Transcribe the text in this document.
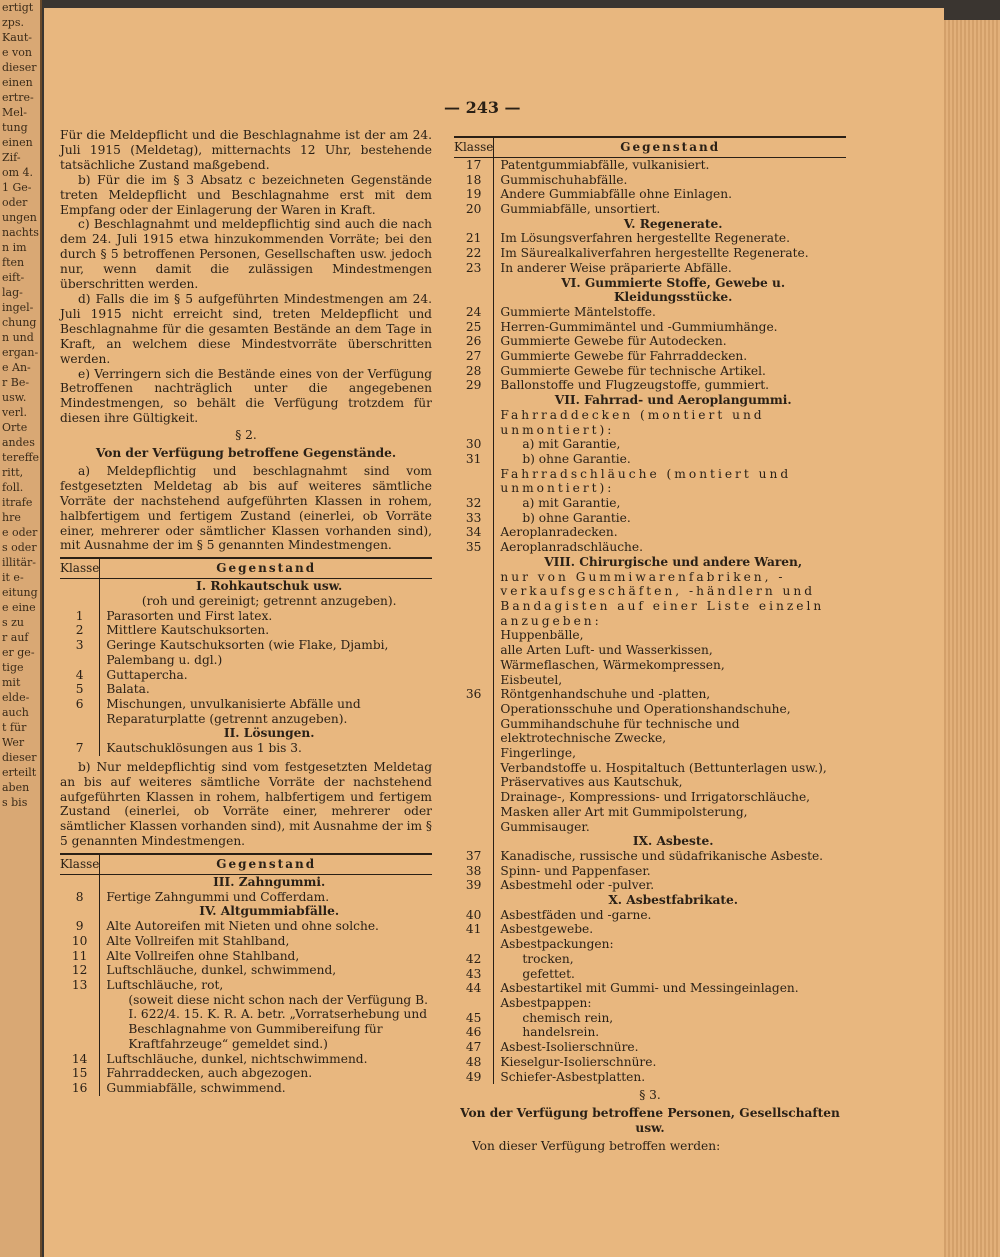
ertigt
zps.
Kaut-
e von
dieser
einen
ertre-
Mel-
tung
einen
Zif-
om 4.
1 Ge-
oder
ungen
nachts
n im
ften
eift-
lag-
ingel-
chung
n und
ergan-
e An-
r Be-
usw.
verl.
Orte
andes
tereffe
ritt,
foll.
itrafe
hre
e oder
s oder
illitär-
it e-
eitung
e eine
s zu
r auf
er ge-
tige
mit
elde-
auch
t für
Wer
dieser
erteilt
aben
s bis
— 243 —

Für die Meldepflicht und die Beschlagnahme ist der am 24. Juli 1915 (Meldetag), mitternachts 12 Uhr, bestehende tatsächliche Zustand maßgebend.

b) Für die im § 3 Absatz c bezeichneten Gegenstände treten Meldepflicht und Beschlagnahme erst mit dem Empfang oder der Einlagerung der Waren in Kraft.

c) Beschlagnahmt und meldepflichtig sind auch die nach dem 24. Juli 1915 etwa hinzukommenden Vorräte; bei den durch § 5 betroffenen Personen, Gesellschaften usw. jedoch nur, wenn damit die zulässigen Mindestmengen überschritten werden.

d) Falls die im § 5 aufgeführten Mindestmengen am 24. Juli 1915 nicht erreicht sind, treten Meldepflicht und Beschlagnahme für die gesamten Bestände an dem Tage in Kraft, an welchem diese Mindestvorräte überschritten werden.

e) Verringern sich die Bestände eines von der Verfügung Betroffenen nachträglich unter die angegebenen Mindestmengen, so behält die Verfügung trotzdem für diesen ihre Gültigkeit.

§ 2.

Von der Verfügung betroffene Gegenstände.

a) Meldepflichtig und beschlagnahmt sind vom festgesetzten Meldetag ab bis auf weiteres sämtliche Vorräte der nachstehend aufgeführten Klassen in rohem, halbfertigem und fertigem Zustand (einerlei, ob Vorräte einer, mehrerer oder sämtlicher Klassen vorhanden sind), mit Ausnahme der im § 5 genannten Mindestmengen.

Klasse	Gegenstand
	I. Rohkautschuk usw.
	(roh und gereinigt; getrennt anzugeben).
1	Parasorten und First latex.
2	Mittlere Kautschuksorten.
3	Geringe Kautschuksorten (wie Flake, Djambi, Palembang u. dgl.)
4	Guttapercha.
5	Balata.
6	Mischungen, unvulkanisierte Abfälle und Reparaturplatte (getrennt anzugeben).
	II. Lösungen.
7	Kautschuklösungen aus 1 bis 3.

b) Nur meldepflichtig sind vom festgesetzten Meldetag an bis auf weiteres sämtliche Vorräte der nachstehend aufgeführten Klassen in rohem, halbfertigem und fertigem Zustand (einerlei, ob Vorräte einer, mehrerer oder sämtlicher Klassen vorhanden sind), mit Ausnahme der im § 5 genannten Mindestmengen.

Klasse	Gegenstand
	III. Zahngummi.
8	Fertige Zahngummi und Cofferdam.
	IV. Altgummiabfälle.
9	Alte Autoreifen mit Nieten und ohne solche.
10	Alte Vollreifen mit Stahlband,
11	Alte Vollreifen ohne Stahlband,
12	Luftschläuche, dunkel, schwimmend,
13	Luftschläuche, rot,
	(soweit diese nicht schon nach der Verfügung B. I. 622/4. 15. K. R. A. betr. „Vorratserhebung und Beschlagnahme von Gummibereifung für Kraftfahrzeuge“ gemeldet sind.)
14	Luftschläuche, dunkel, nichtschwimmend.
15	Fahrraddecken, auch abgezogen.
16	Gummiabfälle, schwimmend.
Klasse	Gegenstand
17	Patentgummiabfälle, vulkanisiert.
18	Gummischuhabfälle.
19	Andere Gummiabfälle ohne Einlagen.
20	Gummiabfälle, unsortiert.
	V. Regenerate.
21	Im Lösungsverfahren hergestellte Regenerate.
22	Im Säurealkaliverfahren hergestellte Regenerate.
23	In anderer Weise präparierte Abfälle.
	VI. Gummierte Stoffe, Gewebe u. Kleidungsstücke.
24	Gummierte Mäntelstoffe.
25	Herren-Gummimäntel und -Gummiumhänge.
26	Gummierte Gewebe für Autodecken.
27	Gummierte Gewebe für Fahrraddecken.
28	Gummierte Gewebe für technische Artikel.
29	Ballonstoffe und Flugzeugstoffe, gummiert.
	VII. Fahrrad- und Aeroplangummi.
	Fahrraddecken (montiert und unmontiert):
30	a) mit Garantie,
31	b) ohne Garantie.
	Fahrradschläuche (montiert und unmontiert):
32	a) mit Garantie,
33	b) ohne Garantie.
34	Aeroplanradecken.
35	Aeroplanradschläuche.
	VIII. Chirurgische und andere Waren,
	nur von Gummiwarenfabriken, -verkaufsgeschäften, -händlern und Bandagisten auf einer Liste einzeln anzugeben:
	Huppenbälle,
	alle Arten Luft- und Wasserkissen,
	Wärmeflaschen, Wärmekompressen,
	Eisbeutel,
36	Röntgenhandschuhe und -platten,
	Operationsschuhe und Operationshandschuhe,
	Gummihandschuhe für technische und elektrotechnische Zwecke,
	Fingerlinge,
	Verbandstoffe u. Hospitaltuch (Bettunterlagen usw.),
	Präservatives aus Kautschuk,
	Drainage-, Kompressions- und Irrigatorschläuche,
	Masken aller Art mit Gummipolsterung,
	Gummisauger.
	IX. Asbeste.
37	Kanadische, russische und südafrikanische Asbeste.
38	Spinn- und Pappenfaser.
39	Asbestmehl oder -pulver.
	X. Asbestfabrikate.
40	Asbestfäden und -garne.
41	Asbestgewebe.
	Asbestpackungen:
42	trocken,
43	gefettet.
44	Asbestartikel mit Gummi- und Messingeinlagen.
	Asbestpappen:
45	chemisch rein,
46	handelsrein.
47	Asbest-Isolierschnüre.
48	Kieselgur-Isolierschnüre.
49	Schiefer-Asbestplatten.

§ 3.

Von der Verfügung betroffene Personen, Gesellschaften usw.

Von dieser Verfügung betroffen werden:
